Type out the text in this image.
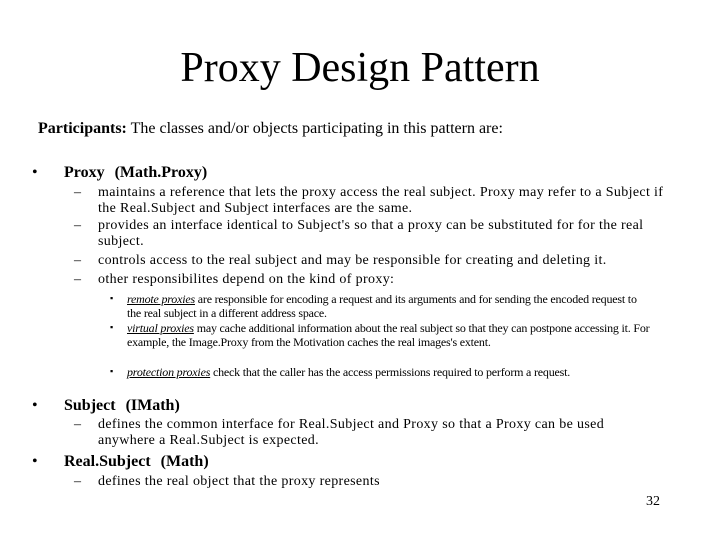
Proxy Design Pattern
Participants: The classes and/or objects participating in this pattern are:
• Proxy (Math.Proxy)
– maintains a reference that lets the proxy access the real subject. Proxy may refer to a Subject if the Real.Subject and Subject interfaces are the same.
– provides an interface identical to Subject's so that a proxy can be substituted for for the real subject.
– controls access to the real subject and may be responsible for creating and deleting it.
– other responsibilites depend on the kind of proxy:
▪ remote proxies are responsible for encoding a request and its arguments and for sending the encoded request to the real subject in a different address space.
▪ virtual proxies may cache additional information about the real subject so that they can postpone accessing it. For example, the Image.Proxy from the Motivation caches the real images's extent.
▪ protection proxies check that the caller has the access permissions required to perform a request.
• Subject (IMath)
– defines the common interface for Real.Subject and Proxy so that a Proxy can be used anywhere a Real.Subject is expected.
• Real.Subject (Math)
– defines the real object that the proxy represents
32
